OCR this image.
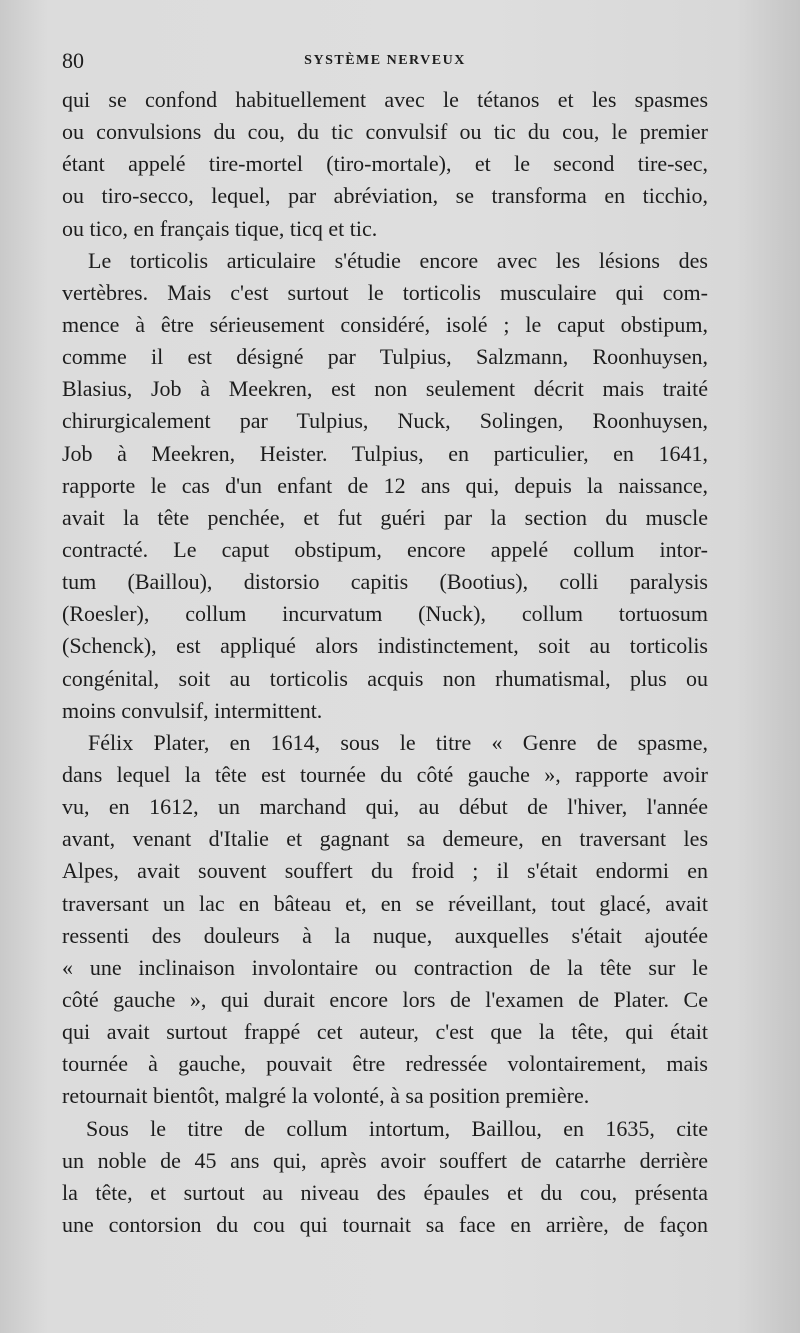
80	SYSTÈME NERVEUX
qui se confond habituellement avec le tétanos et les spasmes
ou convulsions du cou, du tic convulsif ou tic du cou, le premier
étant appelé tire-mortel (tiro-mortale), et le second tire-sec,
ou tiro-secco, lequel, par abréviation, se transforma en ticchio,
ou tico, en français tique, ticq et tic.
Le torticolis articulaire s'étudie encore avec les lésions des
vertèbres. Mais c'est surtout le torticolis musculaire qui com-
mence à être sérieusement considéré, isolé ; le caput obstipum,
comme il est désigné par Tulpius, Salzmann, Roonhuysen,
Blasius, Job à Meekren, est non seulement décrit mais traité
chirurgicalement par Tulpius, Nuck, Solingen, Roonhuysen,
Job à Meekren, Heister. Tulpius, en particulier, en 1641,
rapporte le cas d'un enfant de 12 ans qui, depuis la naissance,
avait la tête penchée, et fut guéri par la section du muscle
contracté. Le caput obstipum, encore appelé collum intor-
tum (Baillou), distorsio capitis (Bootius), colli paralysis
(Roesler), collum incurvatum (Nuck), collum tortuosum
(Schenck), est appliqué alors indistinctement, soit au torticolis
congénital, soit au torticolis acquis non rhumatismal, plus ou
moins convulsif, intermittent.
Félix Plater, en 1614, sous le titre « Genre de spasme,
dans lequel la tête est tournée du côté gauche », rapporte avoir
vu, en 1612, un marchand qui, au début de l'hiver, l'année
avant, venant d'Italie et gagnant sa demeure, en traversant les
Alpes, avait souvent souffert du froid ; il s'était endormi en
traversant un lac en bâteau et, en se réveillant, tout glacé, avait
ressenti des douleurs à la nuque, auxquelles s'était ajoutée
« une inclinaison involontaire ou contraction de la tête sur le
côté gauche », qui durait encore lors de l'examen de Plater. Ce
qui avait surtout frappé cet auteur, c'est que la tête, qui était
tournée à gauche, pouvait être redressée volontairement, mais
retournait bientôt, malgré la volonté, à sa position première.
Sous le titre de collum intortum, Baillou, en 1635, cite
un noble de 45 ans qui, après avoir souffert de catarrhe derrière
la tête, et surtout au niveau des épaules et du cou, présenta
une contorsion du cou qui tournait sa face en arrière, de façon
